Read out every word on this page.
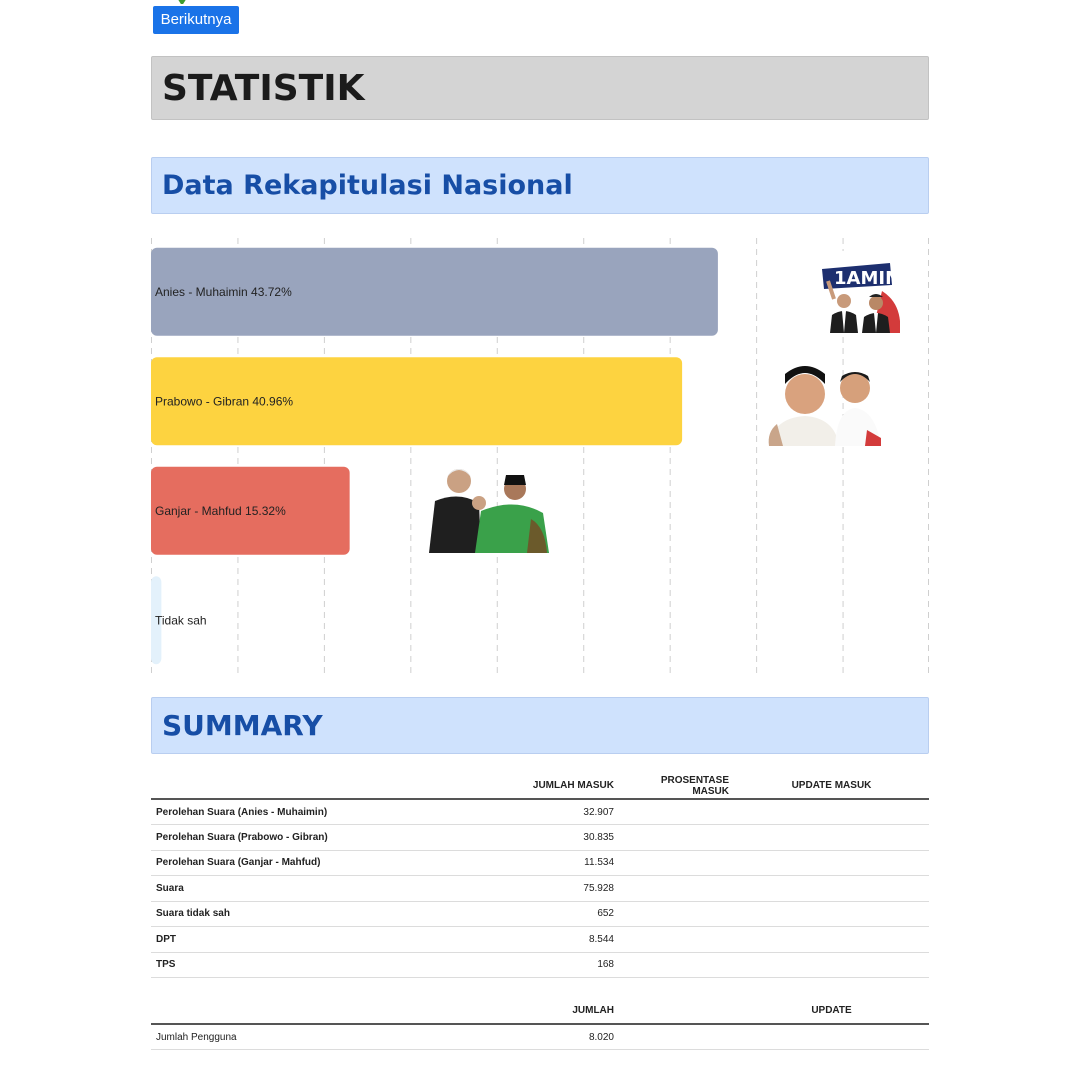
Berikutnya
STATISTIK
Data Rekapitulasi Nasional
Anies - Muhaimin 43.72%
Prabowo - Gibran 40.96%
Ganjar - Mahfud 15.32%
Tidak sah
1AMIN
SUMMARY
	JUMLAH MASUK	PROSENTASE MASUK	UPDATE MASUK
Perolehan Suara (Anies - Muhaimin)	32.907		
Perolehan Suara (Prabowo - Gibran)	30.835		
Perolehan Suara (Ganjar - Mahfud)	11.534		
Suara	75.928		
Suara tidak sah	652		
DPT	8.544		
TPS	168		
	JUMLAH		UPDATE
Jumlah Pengguna	8.020		
